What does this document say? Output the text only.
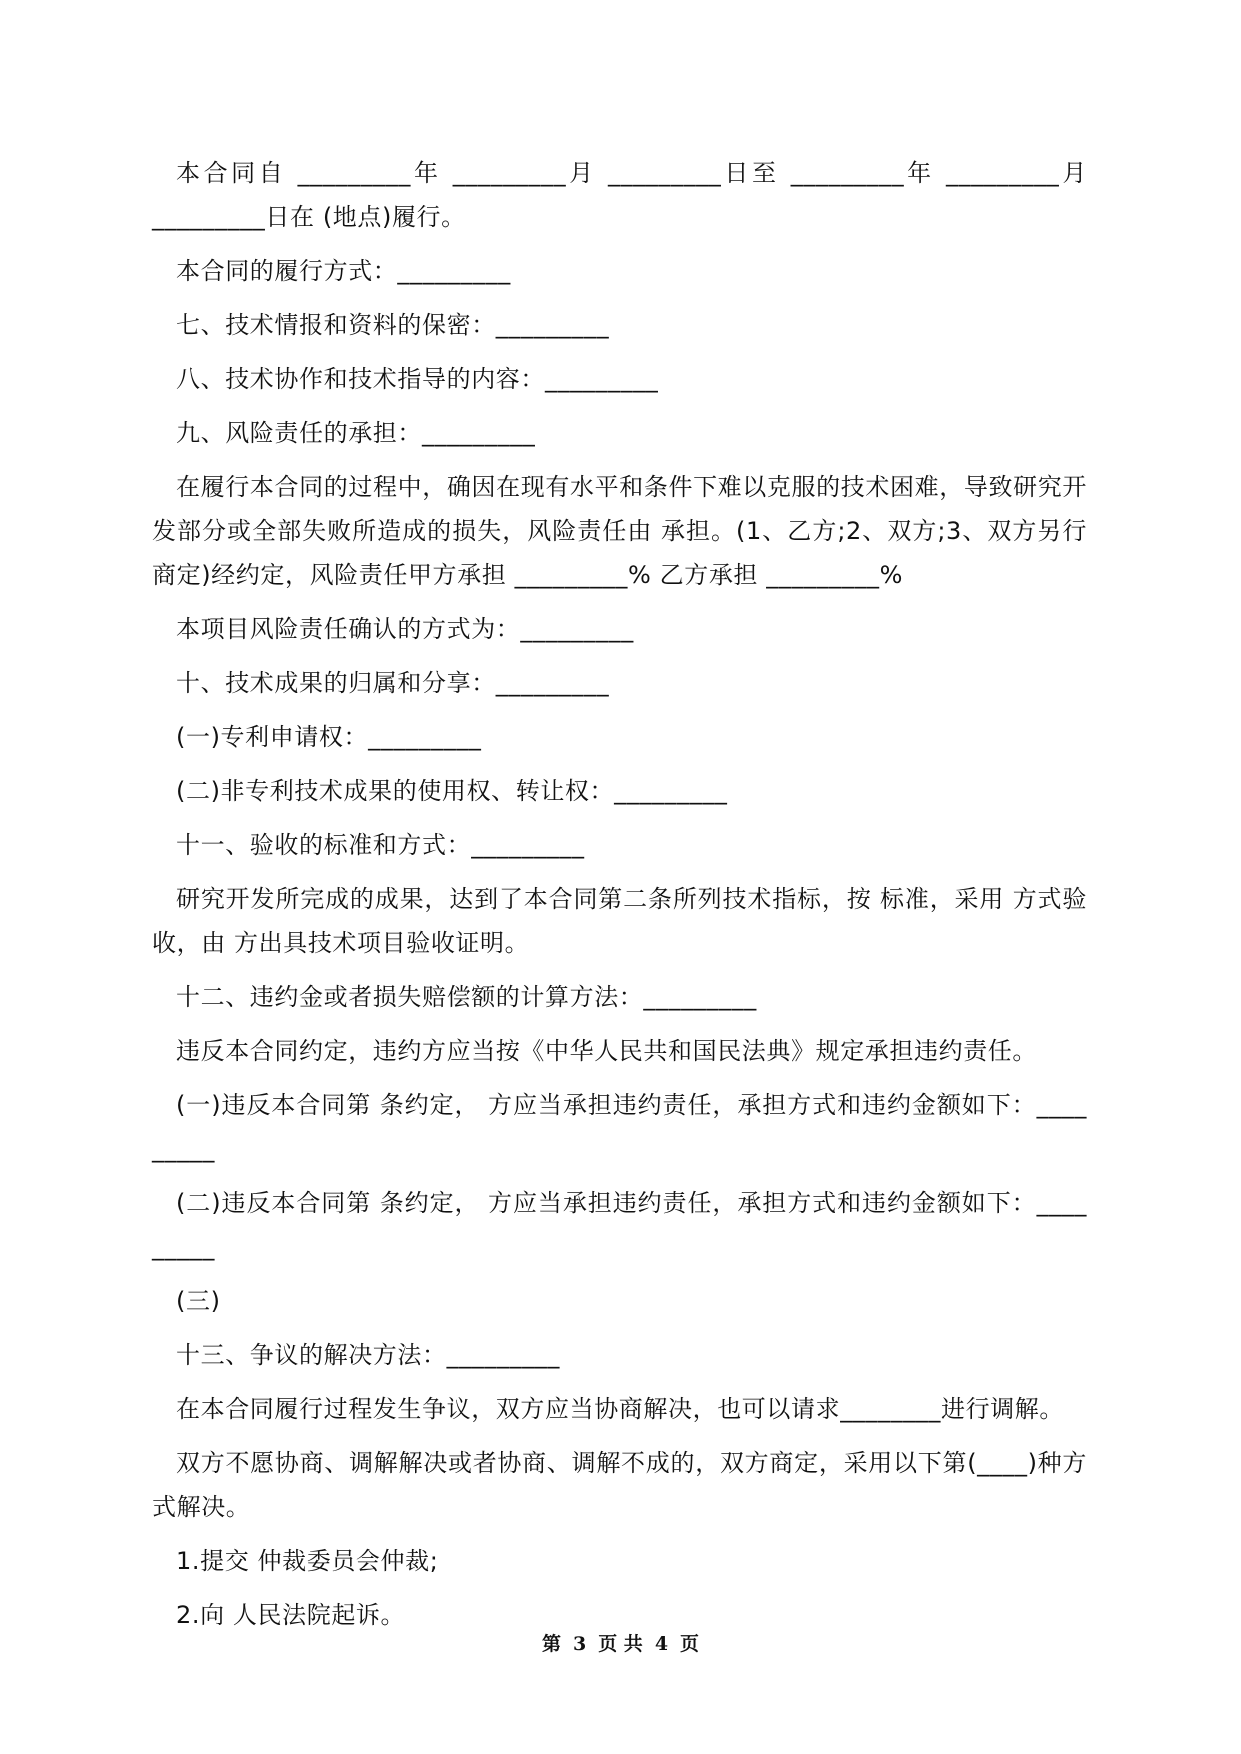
本合同自 _________年 _________月 _________日至 _________年 _________月 _________日在 (地点)履行。

本合同的履行方式：_________

七、技术情报和资料的保密：_________

八、技术协作和技术指导的内容：_________

九、风险责任的承担：_________

在履行本合同的过程中，确因在现有水平和条件下难以克服的技术困难，导致研究开发部分或全部失败所造成的损失，风险责任由 承担。(1、乙方;2、双方;3、双方另行商定)经约定，风险责任甲方承担 _________% 乙方承担 _________%

本项目风险责任确认的方式为：_________

十、技术成果的归属和分享：_________

(一)专利申请权：_________

(二)非专利技术成果的使用权、转让权：_________

十一、验收的标准和方式：_________

研究开发所完成的成果，达到了本合同第二条所列技术指标，按 标准，采用 方式验收，由 方出具技术项目验收证明。

十二、违约金或者损失赔偿额的计算方法：_________

违反本合同约定，违约方应当按《中华人民共和国民法典》规定承担违约责任。

(一)违反本合同第 条约定， 方应当承担违约责任，承担方式和违约金额如下：_________

(二)违反本合同第 条约定， 方应当承担违约责任，承担方式和违约金额如下：_________

(三)

十三、争议的解决方法：_________

在本合同履行过程发生争议，双方应当协商解决，也可以请求________进行调解。

双方不愿协商、调解解决或者协商、调解不成的，双方商定，采用以下第(____)种方式解决。

1.提交 仲裁委员会仲裁;

2.向 人民法院起诉。

第 3 页 共 4 页
